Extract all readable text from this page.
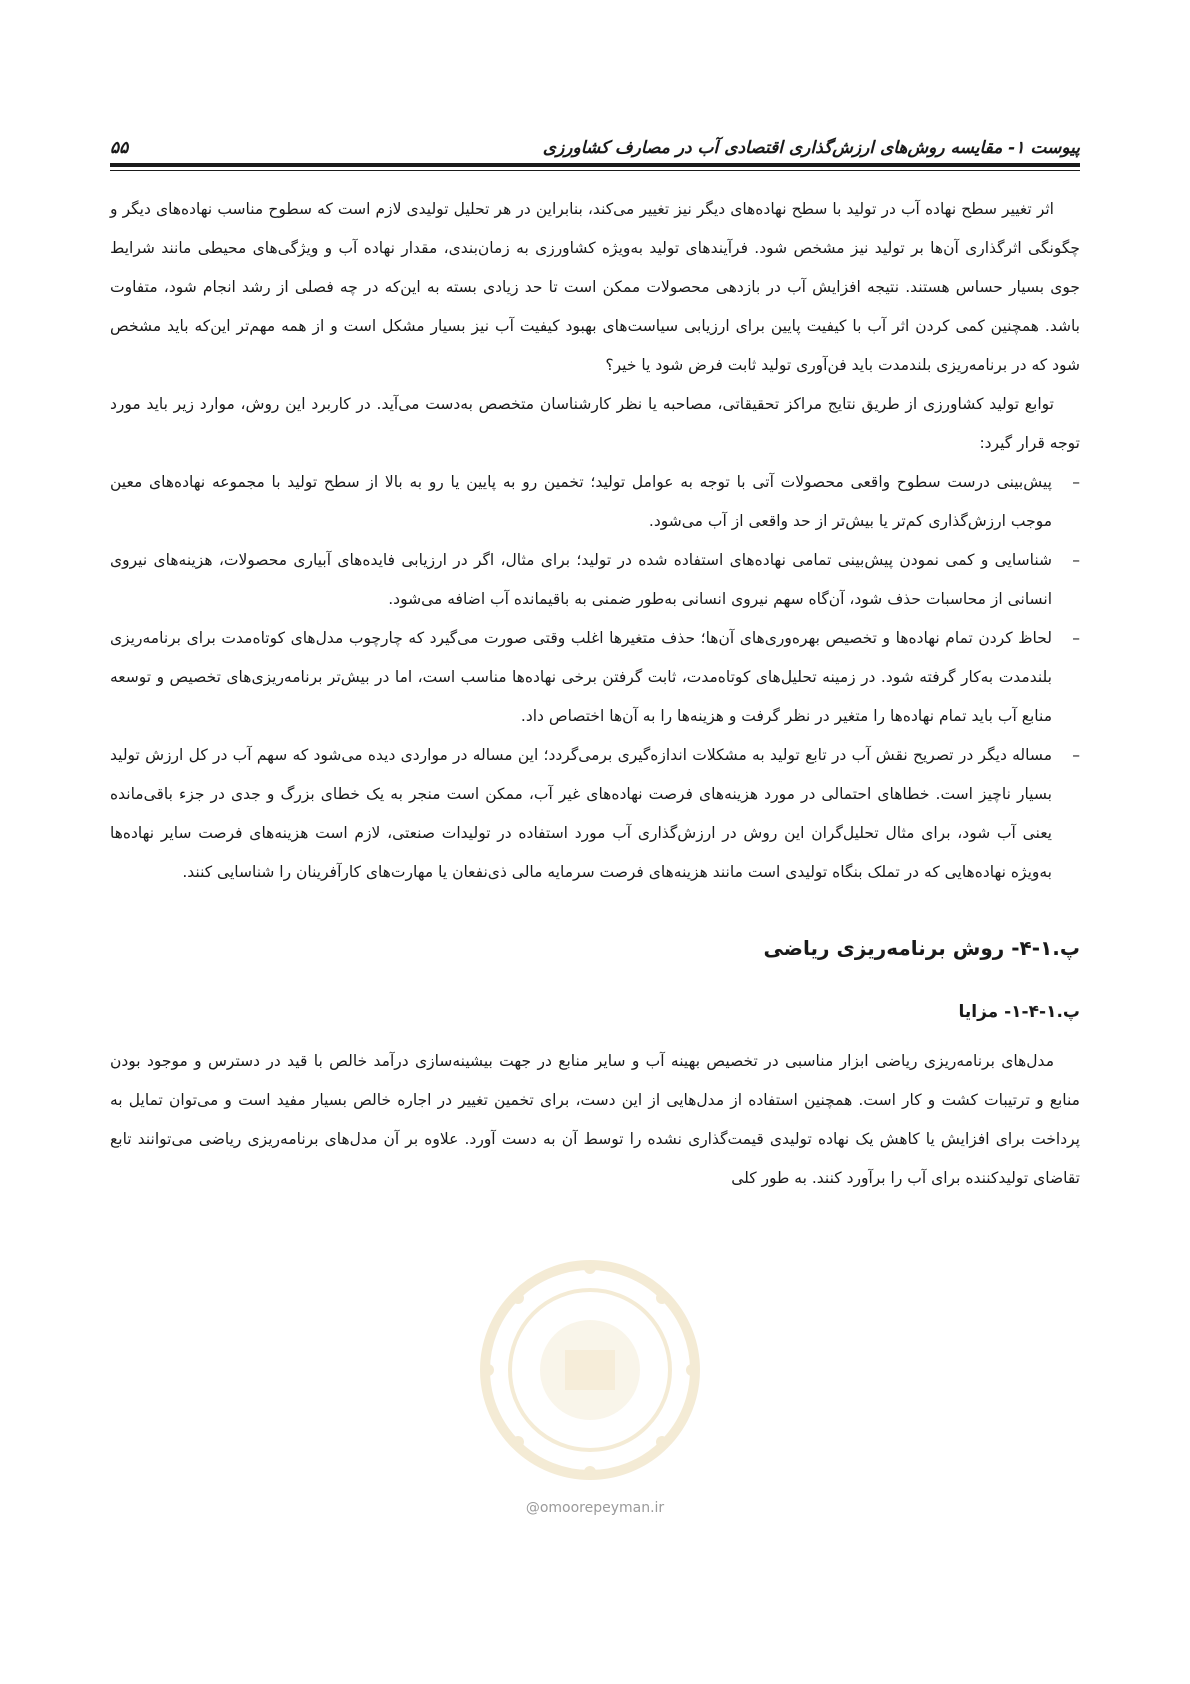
پیوست ۱- مقایسه روش‌های ارزش‌گذاری اقتصادی آب در مصارف کشاورزی
۵۵

اثر تغییر سطح نهاده آب در تولید با سطح نهاده‌های دیگر نیز تغییر می‌کند، بنابراین در هر تحلیل تولیدی لازم است که سطوح مناسب نهاده‌های دیگر و چگونگی اثرگذاری آن‌ها بر تولید نیز مشخص شود. فرآیندهای تولید به‌ویژه کشاورزی به زمان‌بندی، مقدار نهاده آب و ویژگی‌های محیطی مانند شرایط جوی بسیار حساس هستند. نتیجه افزایش آب در بازدهی محصولات ممکن است تا حد زیادی بسته به این‌که در چه فصلی از رشد انجام شود، متفاوت باشد. همچنین کمی کردن اثر آب با کیفیت پایین برای ارزیابی سیاست‌های بهبود کیفیت آب نیز بسیار مشکل است و از همه مهم‌تر این‌که باید مشخص شود که در برنامه‌ریزی بلندمدت باید فن‌آوری تولید ثابت فرض شود یا خیر؟

توابع تولید کشاورزی از طریق نتایج مراکز تحقیقاتی، مصاحبه یا نظر کارشناسان متخصص به‌دست می‌آید. در کاربرد این روش، موارد زیر باید مورد توجه قرار گیرد:

–
پیش‌بینی درست سطوح واقعی محصولات آتی با توجه به عوامل تولید؛ تخمین رو به پایین یا رو به بالا از سطح تولید با مجموعه نهاده‌های معین موجب ارزش‌گذاری کم‌تر یا بیش‌تر از حد واقعی از آب می‌شود.
–
شناسایی و کمی نمودن پیش‌بینی تمامی نهاده‌های استفاده شده در تولید؛ برای مثال، اگر در ارزیابی فایده‌های آبیاری محصولات، هزینه‌های نیروی انسانی از محاسبات حذف شود، آن‌گاه سهم نیروی انسانی به‌طور ضمنی به باقیمانده آب اضافه می‌شود.
–
لحاظ کردن تمام نهاده‌ها و تخصیص بهره‌وری‌های آن‌ها؛ حذف متغیرها اغلب وقتی صورت می‌گیرد که چارچوب مدل‌های کوتاه‌مدت برای برنامه‌ریزی بلندمدت به‌کار گرفته شود. در زمینه تحلیل‌های کوتاه‌مدت، ثابت گرفتن برخی نهاده‌ها مناسب است، اما در بیش‌تر برنامه‌ریزی‌های تخصیص و توسعه منابع آب باید تمام نهاده‌ها را متغیر در نظر گرفت و هزینه‌ها را به آن‌ها اختصاص داد.
–
مساله دیگر در تصریح نقش آب در تابع تولید به مشکلات اندازه‌گیری برمی‌گردد؛ این مساله در مواردی دیده می‌شود که سهم آب در کل ارزش تولید بسیار ناچیز است. خطاهای احتمالی در مورد هزینه‌های فرصت نهاده‌های غیر آب، ممکن است منجر به یک خطای بزرگ و جدی در جزء باقی‌مانده یعنی آب شود، برای مثال تحلیل‌گران این روش در ارزش‌گذاری آب مورد استفاده در تولیدات صنعتی، لازم است هزینه‌های فرصت سایر نهاده‌ها به‌ویژه نهاده‌هایی که در تملک بنگاه تولیدی است مانند هزینه‌های فرصت سرمایه مالی ذی‌نفعان یا مهارت‌های کارآفرینان را شناسایی کنند.
پ.۱-۴- روش برنامه‌ریزی ریاضی
پ.۱-۴-۱- مزایا

مدل‌های برنامه‌ریزی ریاضی ابزار مناسبی در تخصیص بهینه آب و سایر منابع در جهت بیشینه‌سازی درآمد خالص با قید در دسترس و موجود بودن منابع و ترتیبات کشت و کار است. همچنین استفاده از مدل‌هایی از این دست، برای تخمین تغییر در اجاره خالص بسیار مفید است و می‌توان تمایل به پرداخت برای افزایش یا کاهش یک نهاده تولیدی قیمت‌گذاری نشده را توسط آن به دست آورد. علاوه بر آن مدل‌های برنامه‌ریزی ریاضی می‌توانند تابع تقاضای تولیدکننده برای آب را برآورد کنند. به طور کلی

@omoorepeyman.ir
